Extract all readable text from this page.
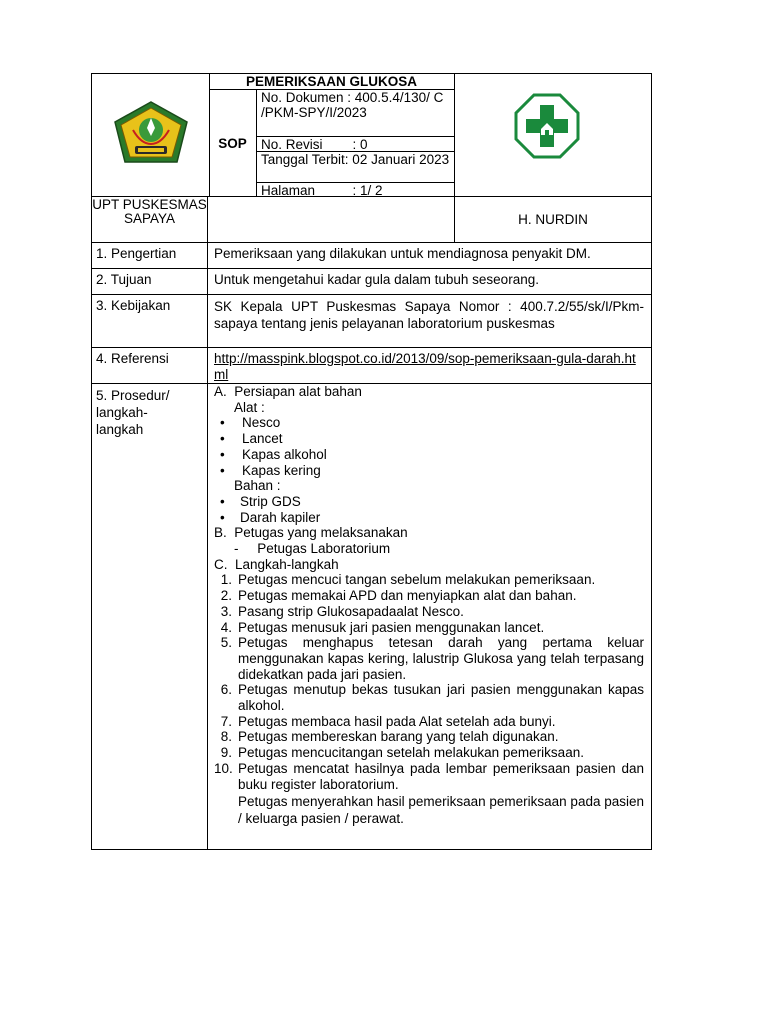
PEMERIKSAAN GLUKOSA
SOP
No. Dokumen : 400.5.4/130/ C /PKM-SPY/I/2023
No. Revisi        : 0
Tanggal Terbit: 02 Januari 2023
Halaman          : 1/ 2
UPT PUSKESMAS SAPAYA	H. NURDIN
1. Pengertian	Pemeriksaan yang dilakukan untuk mendiagnosa penyakit DM.
2. Tujuan	Untuk mengetahui kadar gula dalam tubuh seseorang.
3. Kebijakan	SK Kepala UPT Puskesmas Sapaya Nomor : 400.7.2/55/sk/I/Pkm- sapaya tentang jenis pelayanan laboratorium puskesmas
4. Referensi	http://masspink.blogspot.co.id/2013/09/sop-pemeriksaan-gula-darah.html
5. Prosedur/ langkah-langkah
A.  Persiapan alat bahan
Alat :
•	Nesco
•	Lancet
•	Kapas alkohol
•	Kapas kering
Bahan :
•	Strip GDS
•	Darah kapiler
B.  Petugas yang melaksanakan
-     Petugas Laboratorium
C.  Langkah-langkah
1. Petugas mencuci tangan sebelum melakukan pemeriksaan.
2. Petugas memakai APD dan menyiapkan alat dan bahan.
3. Pasang strip Glukosapadaalat Nesco.
4. Petugas menusuk jari pasien menggunakan lancet.
5. Petugas menghapus tetesan darah yang pertama keluar menggunakan kapas kering, lalustrip Glukosa yang telah terpasang didekatkan pada jari pasien.
6. Petugas menutup bekas tusukan jari pasien menggunakan kapas alkohol.
7. Petugas membaca hasil pada Alat setelah ada bunyi.
8. Petugas membereskan barang yang telah digunakan.
9. Petugas mencucitangan setelah melakukan pemeriksaan.
10. Petugas mencatat hasilnya pada lembar pemeriksaan pasien dan buku register laboratorium.
Petugas menyerahkan hasil pemeriksaan pemeriksaan pada pasien / keluarga pasien / perawat.
